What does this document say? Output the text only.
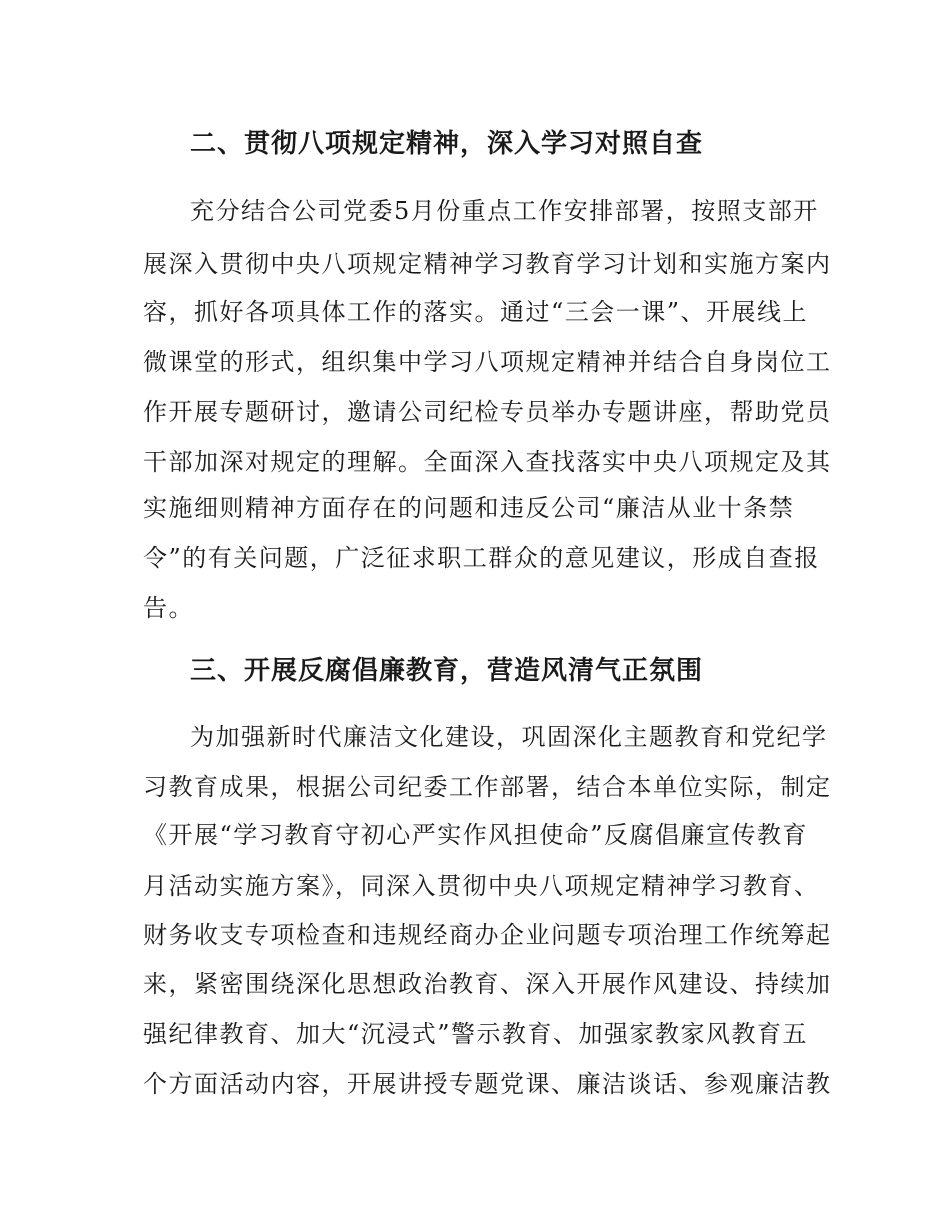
二、贯彻八项规定精神，深入学习对照自查
充分结合公司党委5月份重点工作安排部署，按照支部开
展深入贯彻中央八项规定精神学习教育学习计划和实施方案内
容，抓好各项具体工作的落实。通过“三会一课”、开展线上
微课堂的形式，组织集中学习八项规定精神并结合自身岗位工
作开展专题研讨，邀请公司纪检专员举办专题讲座，帮助党员
干部加深对规定的理解。全面深入查找落实中央八项规定及其
实施细则精神方面存在的问题和违反公司“廉洁从业十条禁
令”的有关问题，广泛征求职工群众的意见建议，形成自查报
告。
三、开展反腐倡廉教育，营造风清气正氛围
为加强新时代廉洁文化建设，巩固深化主题教育和党纪学
习教育成果，根据公司纪委工作部署，结合本单位实际，制定
《开展“学习教育守初心严实作风担使命”反腐倡廉宣传教育
月活动实施方案》，同深入贯彻中央八项规定精神学习教育、
财务收支专项检查和违规经商办企业问题专项治理工作统筹起
来，紧密围绕深化思想政治教育、深入开展作风建设、持续加
强纪律教育、加大“沉浸式”警示教育、加强家教家风教育五
个方面活动内容，开展讲授专题党课、廉洁谈话、参观廉洁教
